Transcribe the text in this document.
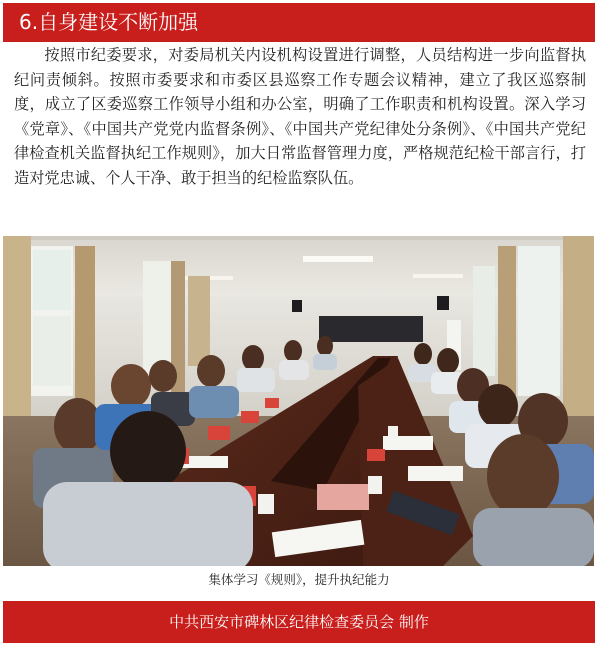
6.自身建设不断加强
按照市纪委要求，对委局机关内设机构设置进行调整，人员结构进一步向监督执纪问责倾斜。按照市委要求和市委区县巡察工作专题会议精神，建立了我区巡察制度，成立了区委巡察工作领导小组和办公室，明确了工作职责和机构设置。深入学习《党章》、《中国共产党党内监督条例》、《中国共产党纪律处分条例》、《中国共产党纪律检查机关监督执纪工作规则》，加大日常监督管理力度，严格规范纪检干部言行，打造对党忠诚、个人干净、敢于担当的纪检监察队伍。
集体学习《规则》，提升执纪能力
中共西安市碑林区纪律检查委员会 制作
